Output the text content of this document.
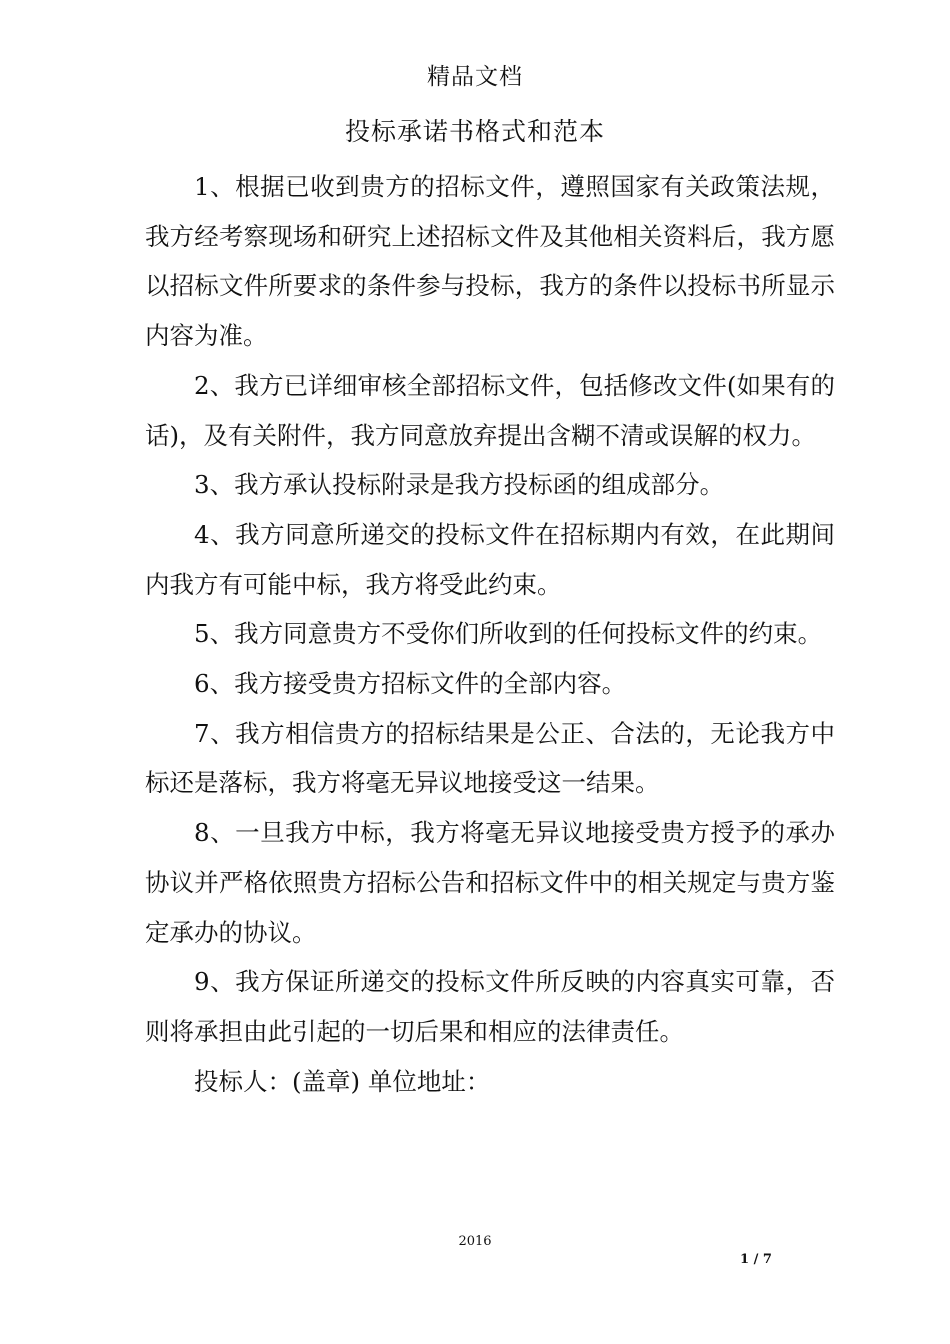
精品文档
投标承诺书格式和范本

1、根据已收到贵方的招标文件，遵照国家有关政策法规，我方经考察现场和研究上述招标文件及其他相关资料后，我方愿以招标文件所要求的条件参与投标，我方的条件以投标书所显示内容为准。

2、我方已详细审核全部招标文件，包括修改文件(如果有的话)，及有关附件，我方同意放弃提出含糊不清或误解的权力。

3、我方承认投标附录是我方投标函的组成部分。

4、我方同意所递交的投标文件在招标期内有效，在此期间内我方有可能中标，我方将受此约束。

5、我方同意贵方不受你们所收到的任何投标文件的约束。

6、我方接受贵方招标文件的全部内容。

7、我方相信贵方的招标结果是公正、合法的，无论我方中标还是落标，我方将毫无异议地接受这一结果。

8、一旦我方中标，我方将毫无异议地接受贵方授予的承办协议并严格依照贵方招标公告和招标文件中的相关规定与贵方鉴定承办的协议。

9、我方保证所递交的投标文件所反映的内容真实可靠，否则将承担由此引起的一切后果和相应的法律责任。

投标人：(盖章) 单位地址：

2016
1 / 7
